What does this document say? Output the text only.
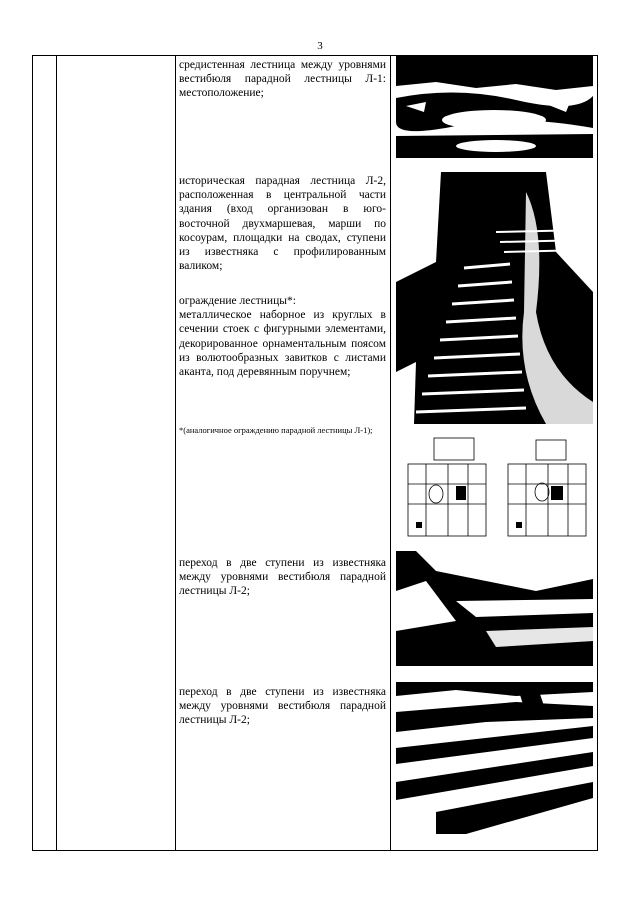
3

средистенная лестница между уровнями вестибюля парадной лестницы Л-1: местоположение;

историческая парадная лестница Л-2, расположенная в центральной части здания (вход организован в юго-восточной двухмаршевая, марши по косоурам, площадки на сводах, ступени из известняка с профилированным валиком;

ограждение лестницы*:

металлическое наборное из круглых в сечении стоек с фигурными элементами, декорированное орнаментальным поясом из волютообразных завитков с листами аканта, под деревянным поручнем;

*(аналогичное ограждению парадной лестницы Л-1);

переход в две ступени из известняка между уровнями вестибюля парадной лестницы Л-2;

переход в две ступени из известняка между уровнями вестибюля парадной лестницы Л-2;
